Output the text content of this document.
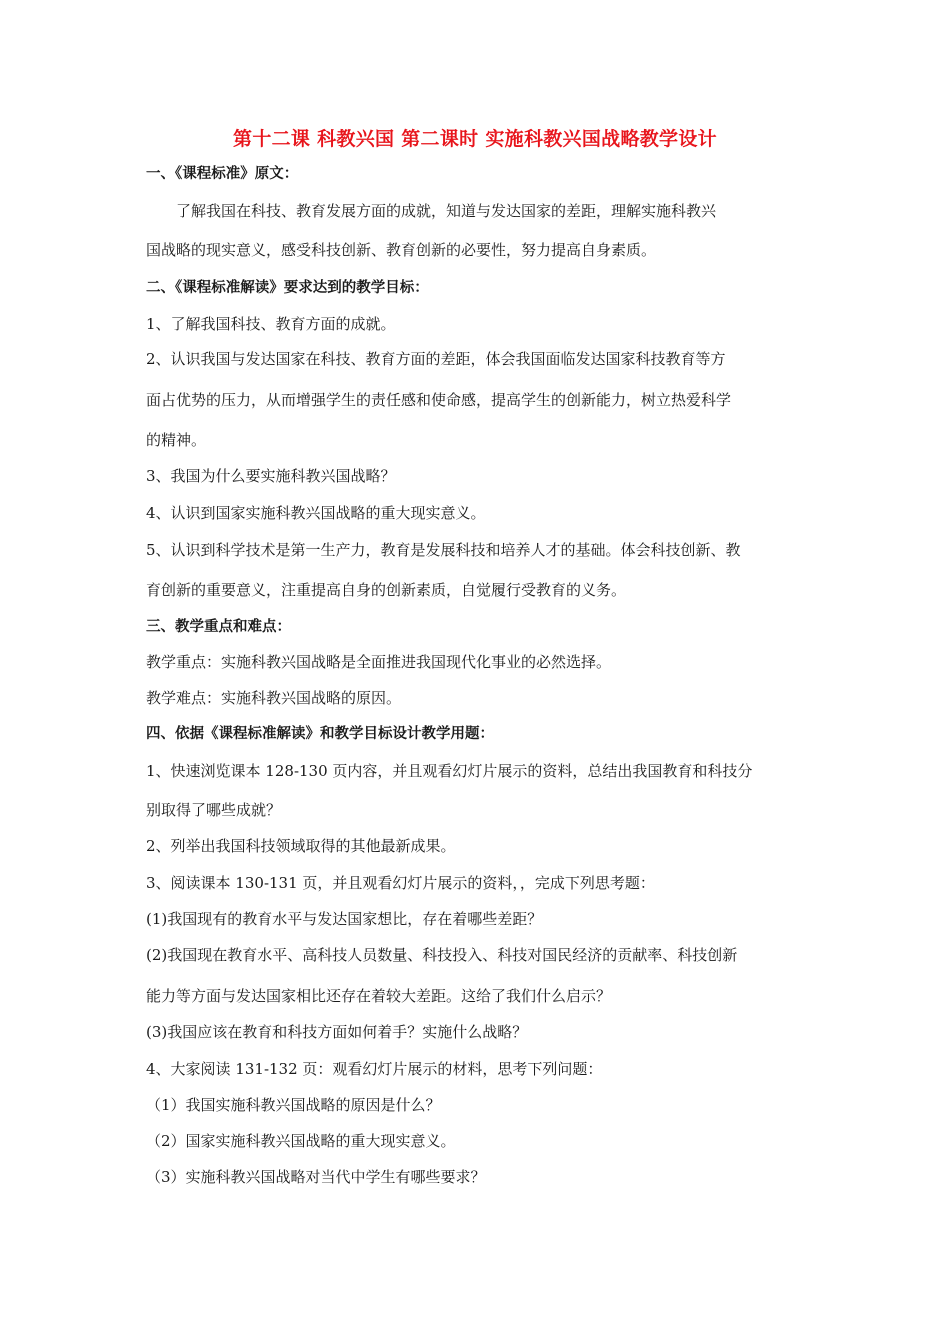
第十二课 科教兴国 第二课时 实施科教兴国战略教学设计
一、《课程标准》原文：
了解我国在科技、教育发展方面的成就，知道与发达国家的差距，理解实施科教兴
国战略的现实意义，感受科技创新、教育创新的必要性，努力提高自身素质。
二、《课程标准解读》要求达到的教学目标：
1、了解我国科技、教育方面的成就。
2、认识我国与发达国家在科技、教育方面的差距，体会我国面临发达国家科技教育等方
面占优势的压力，从而增强学生的责任感和使命感，提高学生的创新能力，树立热爱科学
的精神。
3、我国为什么要实施科教兴国战略？
4、认识到国家实施科教兴国战略的重大现实意义。
5、认识到科学技术是第一生产力，教育是发展科技和培养人才的基础。体会科技创新、教
育创新的重要意义，注重提高自身的创新素质，自觉履行受教育的义务。
三、教学重点和难点：
教学重点：实施科教兴国战略是全面推进我国现代化事业的必然选择。
教学难点：实施科教兴国战略的原因。
四、依据《课程标准解读》和教学目标设计教学用题：
1、快速浏览课本 128-130 页内容，并且观看幻灯片展示的资料，总结出我国教育和科技分
别取得了哪些成就？
2、列举出我国科技领域取得的其他最新成果。
3、阅读课本 130-131 页，并且观看幻灯片展示的资料，，完成下列思考题：
(1)我国现有的教育水平与发达国家想比，存在着哪些差距？
(2)我国现在教育水平、高科技人员数量、科技投入、科技对国民经济的贡献率、科技创新
能力等方面与发达国家相比还存在着较大差距。这给了我们什么启示？
(3)我国应该在教育和科技方面如何着手？实施什么战略？
4、大家阅读 131-132 页：观看幻灯片展示的材料，思考下列问题：
（1）我国实施科教兴国战略的原因是什么？
（2）国家实施科教兴国战略的重大现实意义。
（3）实施科教兴国战略对当代中学生有哪些要求？
